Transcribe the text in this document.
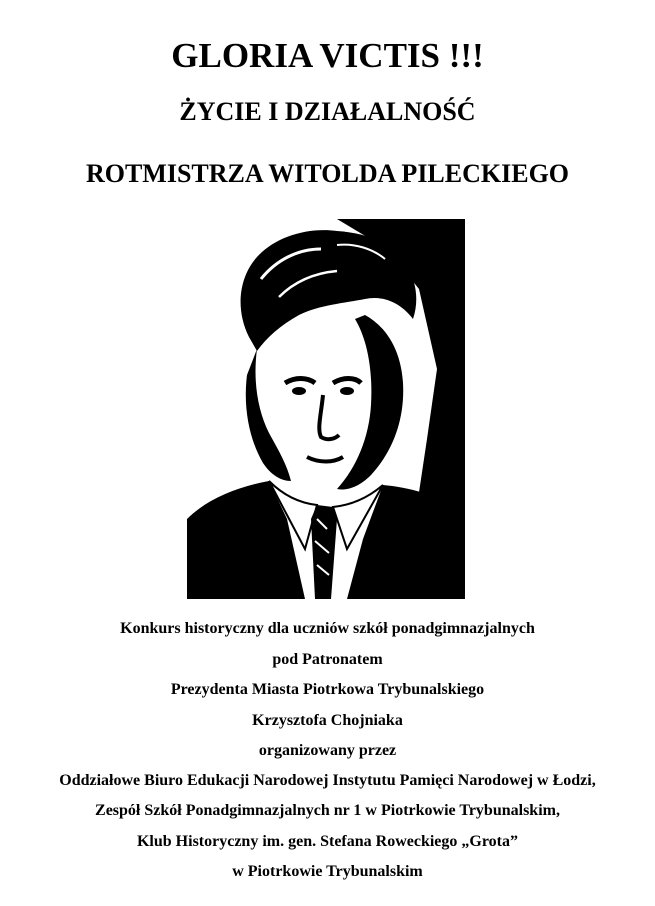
GLORIA VICTIS !!!
ŻYCIE I DZIAŁALNOŚĆ
ROTMISTRZA WITOLDA PILECKIEGO
Konkurs historyczny dla uczniów szkół ponadgimnazjalnych
pod Patronatem
Prezydenta Miasta Piotrkowa Trybunalskiego
Krzysztofa Chojniaka
organizowany przez
Oddziałowe Biuro Edukacji Narodowej Instytutu Pamięci Narodowej w Łodzi,
Zespół Szkół Ponadgimnazjalnych nr 1 w Piotrkowie Trybunalskim,
Klub Historyczny im. gen. Stefana Roweckiego „Grota”
w Piotrkowie Trybunalskim
